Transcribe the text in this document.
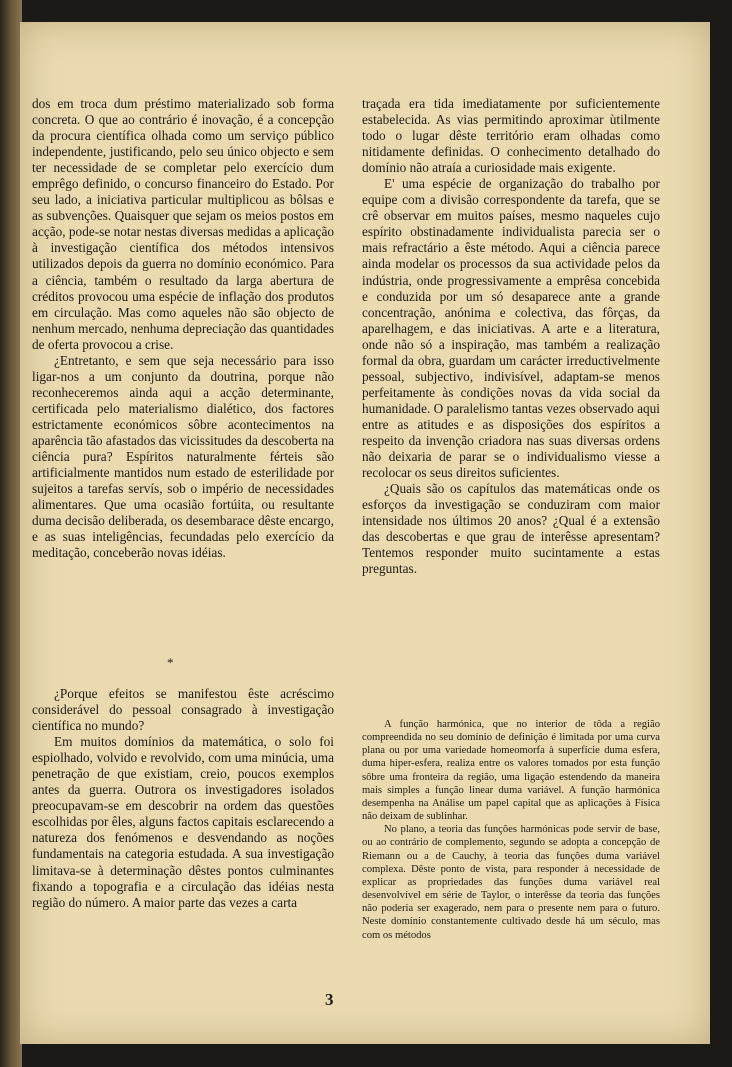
dos em troca dum préstimo materializado sob forma concreta. O que ao contrário é inovação, é a concepção da procura científica olhada como um serviço público independente, justificando, pelo seu único objecto e sem ter necessidade de se completar pelo exercício dum emprêgo definido, o concurso financeiro do Estado. Por seu lado, a iniciativa particular multiplicou as bôlsas e as subvenções. Quaisquer que sejam os meios postos em acção, pode-se notar nestas diversas medidas a aplicação à investigação científica dos métodos intensivos utilizados depois da guerra no domínio económico. Para a ciência, também o resultado da larga abertura de créditos provocou uma espécie de inflação dos produtos em circulação. Mas como aqueles não são objecto de nenhum mercado, nenhuma depreciação das quantidades de oferta provocou a crise.

¿Entretanto, e sem que seja necessário para isso ligar-nos a um conjunto da doutrina, porque não reconheceremos ainda aqui a acção determinante, certificada pelo materialismo dialético, dos factores estrictamente económicos sôbre acontecimentos na aparência tão afastados das vicissitudes da descoberta na ciência pura? Espíritos naturalmente férteis são artificialmente mantidos num estado de esterilidade por sujeitos a tarefas servís, sob o império de necessidades alimentares. Que uma ocasião fortúita, ou resultante duma decisão deliberada, os desembarace dêste encargo, e as suas inteligências, fecundadas pelo exercício da meditação, conceberão novas idéias.

*

¿Porque efeitos se manifestou êste acréscimo considerável do pessoal consagrado à investigação científica no mundo?

Em muitos domínios da matemática, o solo foi espiolhado, volvido e revolvido, com uma minúcia, uma penetração de que existiam, creio, poucos exemplos antes da guerra. Outrora os investigadores isolados preocupavam-se em descobrir na ordem das questões escolhidas por êles, alguns factos capitais esclarecendo a natureza dos fenómenos e desvendando as noções fundamentais na categoria estudada. A sua investigação limitava-se à determinação dêstes pontos culminantes fixando a topografia e a circulação das idéias nesta região do número. A maior parte das vezes a carta

traçada era tida imediatamente por suficientemente estabelecida. As vias permitindo aproximar ùtilmente todo o lugar dêste território eram olhadas como nitidamente definidas. O conhecimento detalhado do domínio não atraía a curiosidade mais exigente.

E' uma espécie de organização do trabalho por equipe com a divisão correspondente da tarefa, que se crê observar em muitos países, mesmo naqueles cujo espírito obstinadamente individualista parecia ser o mais refractário a êste método. Aqui a ciência parece ainda modelar os processos da sua actividade pelos da indústria, onde progressivamente a emprêsa concebida e conduzida por um só desaparece ante a grande concentração, anónima e colectiva, das fôrças, da aparelhagem, e das iniciativas. A arte e a literatura, onde não só a inspiração, mas também a realização formal da obra, guardam um carácter irreductivelmente pessoal, subjectivo, indivisível, adaptam-se menos perfeitamente às condições novas da vida social da humanidade. O paralelismo tantas vezes observado aqui entre as atitudes e as disposições dos espíritos a respeito da invenção criadora nas suas diversas ordens não deixaria de parar se o individualismo viesse a recolocar os seus direitos suficientes.

¿Quais são os capítulos das matemáticas onde os esforços da investigação se conduziram com maior intensidade nos últimos 20 anos? ¿Qual é a extensão das descobertas e que grau de interêsse apresentam? Tentemos responder muito sucintamente a estas preguntas.

A função harmónica, que no interior de tôda a região compreendida no seu domínio de definição é limitada por uma curva plana ou por uma variedade homeomorfa à superfície duma esfera, duma hiper-esfera, realiza entre os valores tomados por esta função sôbre uma fronteira da região, uma ligação estendendo da maneira mais simples a função linear duma variável. A função harmónica desempenha na Análise um papel capital que as aplicações à Física não deixam de sublinhar.

No plano, a teoria das funções harmónicas pode servir de base, ou ao contrário de complemento, segundo se adopta a concepção de Riemann ou a de Cauchy, à teoria das funções duma variável complexa. Dêste ponto de vista, para responder à necessidade de explicar as propriedades das funções duma variável real desenvolvível em série de Taylor, o interêsse da teoria das funções não poderia ser exagerado, nem para o presente nem para o futuro. Neste domínio constantemente cultivado desde há um século, mas com os métodos

3
